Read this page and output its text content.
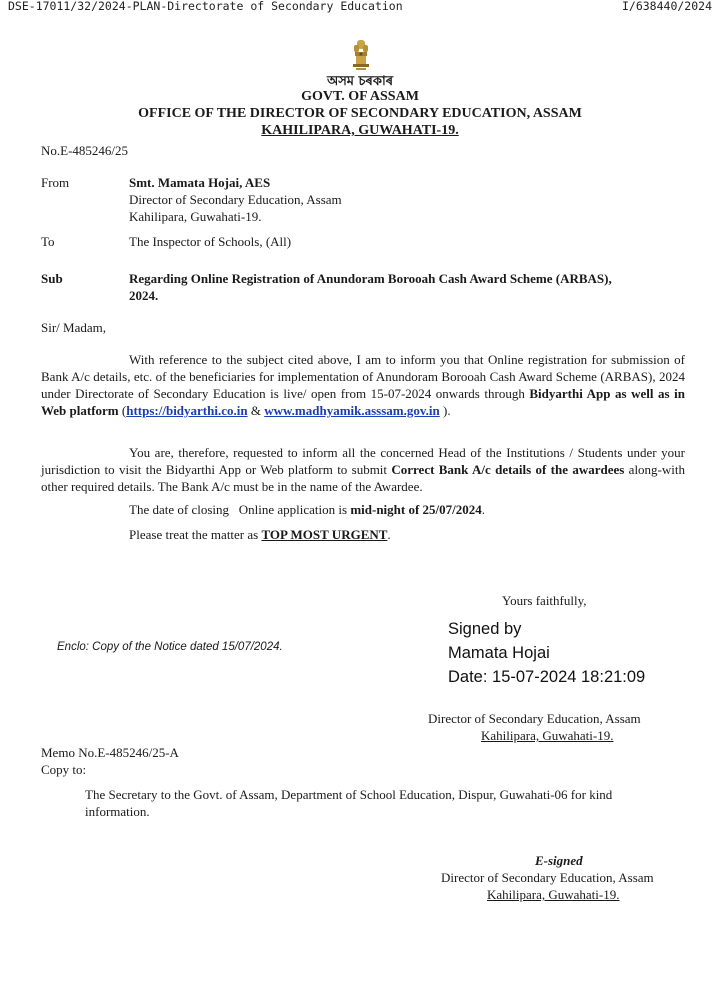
DSE-17011/32/2024-PLAN-Directorate of Secondary Education	I/638440/2024
অসম চৰকাৰ
GOVT. OF ASSAM
OFFICE OF THE DIRECTOR OF SECONDARY EDUCATION, ASSAM
KAHILIPARA, GUWAHATI-19.
No.E-485246/25
From	Smt. Mamata Hojai, AES
Director of Secondary Education, Assam
Kahilipara, Guwahati-19.
To	The Inspector of Schools, (All)
Sub	Regarding Online Registration of Anundoram Borooah Cash Award Scheme (ARBAS),
2024.
Sir/ Madam,
With reference to the subject cited above, I am to inform you that Online registration for submission of Bank A/c details, etc. of the beneficiaries for implementation of Anundoram Borooah Cash Award Scheme (ARBAS), 2024 under Directorate of Secondary Education is live/ open from 15-07-2024 onwards through Bidyarthi App as well as in Web platform (https://bidyarthi.co.in & www.madhyamik.asssam.gov.in ).
You are, therefore, requested to inform all the concerned Head of the Institutions / Students under your jurisdiction to visit the Bidyarthi App or Web platform to submit Correct Bank A/c details of the awardees along-with other required details. The Bank A/c must be in the name of the Awardee.
The date of closing   Online application is mid-night of 25/07/2024.
Please treat the matter as TOP MOST URGENT.
Yours faithfully,
Enclo: Copy of the Notice dated 15/07/2024.
Signed by
Mamata Hojai
Date: 15-07-2024 18:21:09
Director of Secondary Education, Assam
Kahilipara, Guwahati-19.
Memo No.E-485246/25-A
Copy to:
The Secretary to the Govt. of Assam, Department of School Education, Dispur, Guwahati-06 for kind information.
E-signed
Director of Secondary Education, Assam
Kahilipara, Guwahati-19.
